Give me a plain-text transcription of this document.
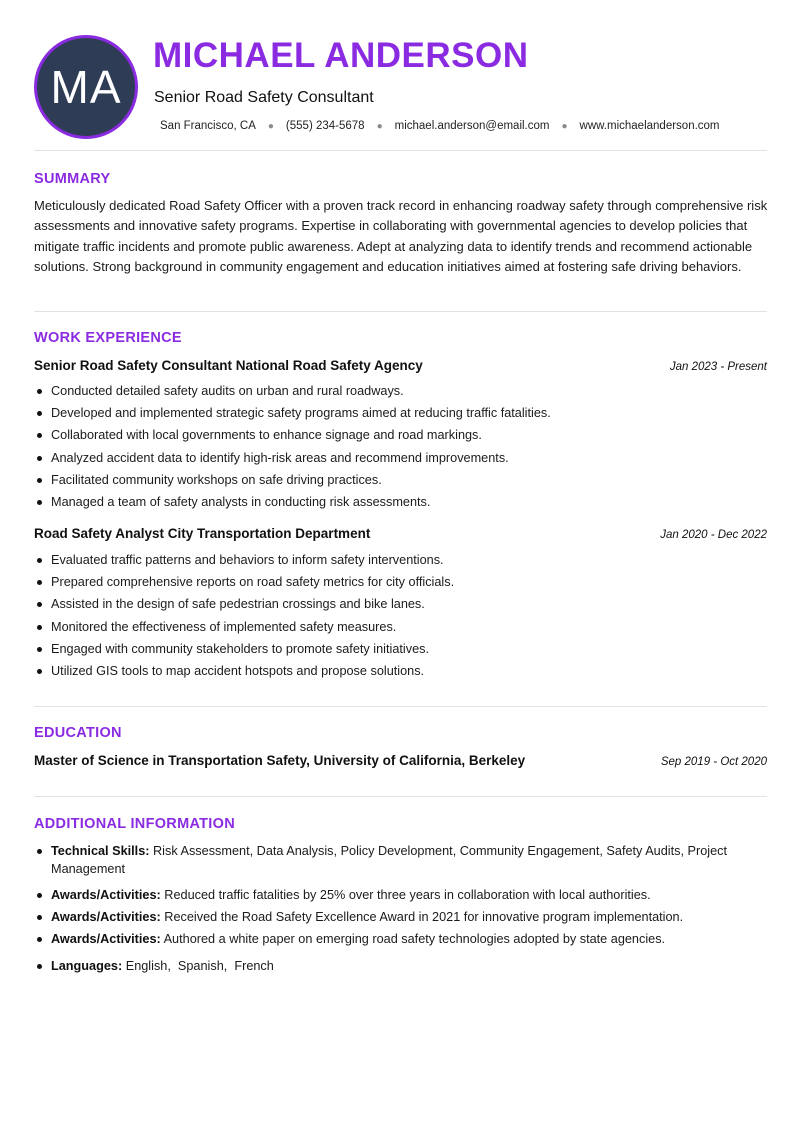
MA
MICHAEL ANDERSON
Senior Road Safety Consultant
San Francisco, CA ● (555) 234-5678 ● michael.anderson@email.com ● www.michaelanderson.com
SUMMARY

Meticulously dedicated Road Safety Officer with a proven track record in enhancing roadway safety through comprehensive risk assessments and innovative safety programs. Expertise in collaborating with governmental agencies to develop policies that mitigate traffic incidents and promote public awareness. Adept at analyzing data to identify trends and recommend actionable solutions. Strong background in community engagement and education initiatives aimed at fostering safe driving behaviors.

WORK EXPERIENCE
Senior Road Safety Consultant National Road Safety Agency	Jan 2023 - Present
Conducted detailed safety audits on urban and rural roadways.
Developed and implemented strategic safety programs aimed at reducing traffic fatalities.
Collaborated with local governments to enhance signage and road markings.
Analyzed accident data to identify high-risk areas and recommend improvements.
Facilitated community workshops on safe driving practices.
Managed a team of safety analysts in conducting risk assessments.
Road Safety Analyst City Transportation Department	Jan 2020 - Dec 2022
Evaluated traffic patterns and behaviors to inform safety interventions.
Prepared comprehensive reports on road safety metrics for city officials.
Assisted in the design of safe pedestrian crossings and bike lanes.
Monitored the effectiveness of implemented safety measures.
Engaged with community stakeholders to promote safety initiatives.
Utilized GIS tools to map accident hotspots and propose solutions.
EDUCATION
Master of Science in Transportation Safety, University of California, Berkeley	Sep 2019 - Oct 2020
ADDITIONAL INFORMATION
Technical Skills: Risk Assessment, Data Analysis, Policy Development, Community Engagement, Safety Audits, Project Management
Awards/Activities: Reduced traffic fatalities by 25% over three years in collaboration with local authorities.
Awards/Activities: Received the Road Safety Excellence Award in 2021 for innovative program implementation.
Awards/Activities: Authored a white paper on emerging road safety technologies adopted by state agencies.
Languages: English,  Spanish,  French
